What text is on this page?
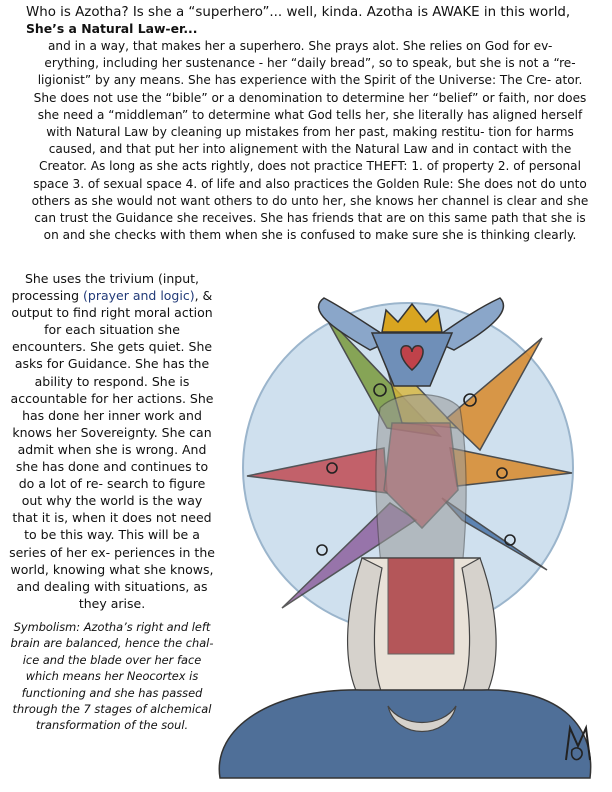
Who is Azotha? Is she a “superhero”... well, kinda. Azotha is AWAKE in this world,
She’s a Natural Law-er...
and in a way, that makes her a superhero. She prays alot. She relies on God for ev-
erything, including her sustenance - her “daily bread”, so to speak, but she is not a “re- ligionist” by any means. She has experience with the Spirit of the Universe: The Cre- ator. She does not use the “bible” or a denomination to determine her “belief” or faith, nor does she need a “middleman” to determine what God tells her, she literally has aligned herself with Natural Law by cleaning up mistakes from her past, making restitu- tion for harms caused, and that put her into alignement with the Natural Law and in contact with the Creator. As long as she acts rightly, does not practice THEFT: 1. of property 2. of personal space 3. of sexual space 4. of life and also practices the Golden Rule: She does not do unto others as she would not want others to do unto her, she knows her channel is clear and she can trust the Guidance she receives. She has friends that are on this same path that she is on and she checks with them when she is confused to make sure she is thinking clearly.
She uses the trivium (input, processing (prayer and logic), & output to find right moral action for each situation she encounters. She gets quiet. She asks for Guidance. She has the ability to respond. She is accountable for her actions. She has done her inner work and knows her Sovereignty. She can admit when she is wrong. And she has done and continues to do a lot of re- search to figure out why the world is the way that it is, when it does not need to be this way. This will be a series of her ex- periences in the world, knowing what she knows, and dealing with situations, as they arise.
Symbolism: Azotha’s right and left brain are balanced, hence the chal- ice and the blade over her face which means her Neocortex is functioning and she has passed through the 7 stages of alchemical transformation of the soul.
